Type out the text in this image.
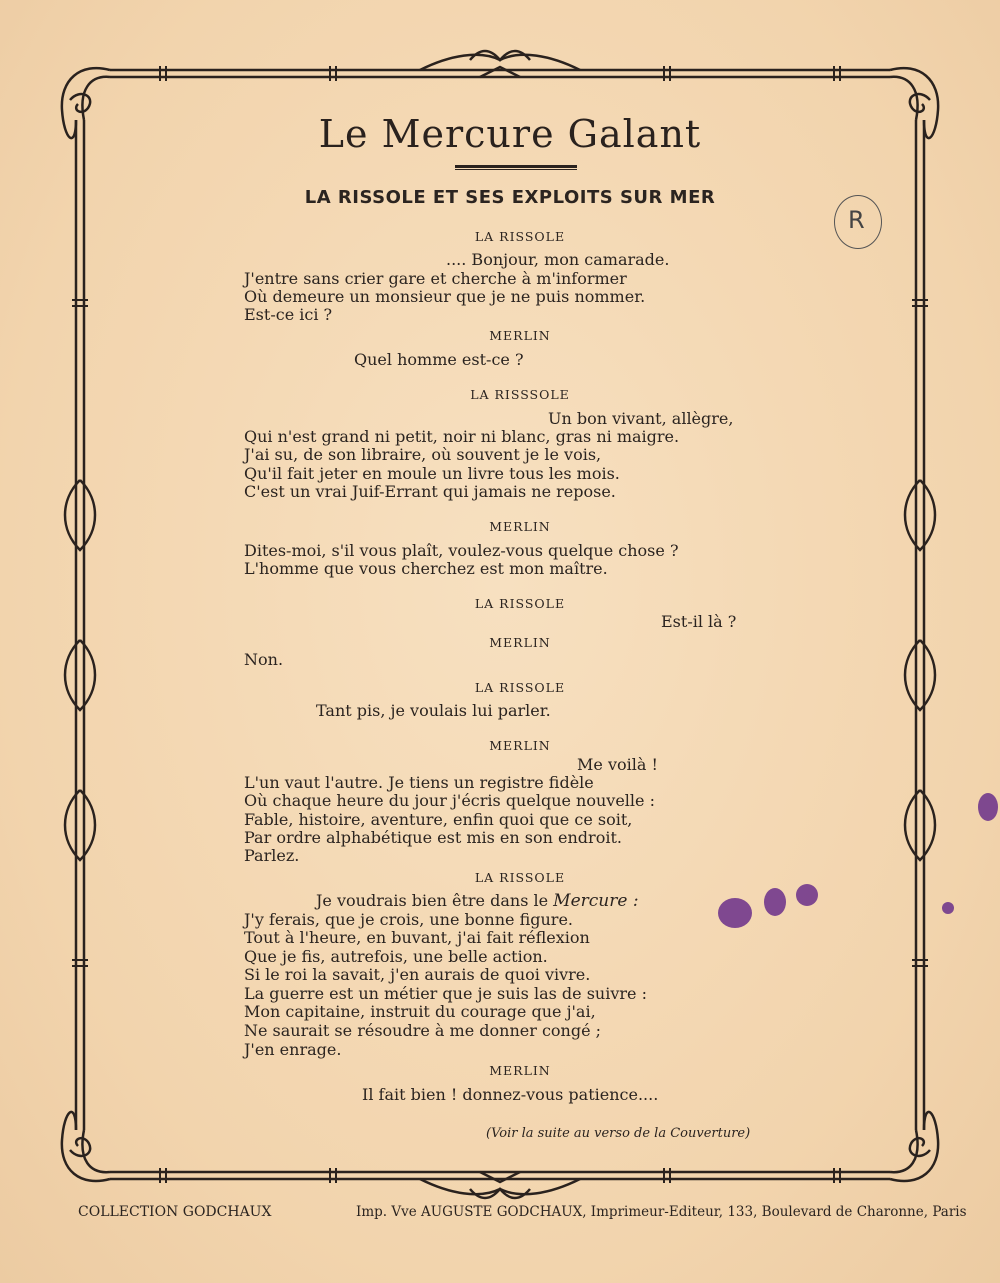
Le Mercure Galant
LA RISSOLE ET SES EXPLOITS SUR MER
R
LA RISSOLE
.... Bonjour, mon camarade.
J'entre sans crier gare et cherche à m'informer
Où demeure un monsieur que je ne puis nommer.
Est-ce ici ?
MERLIN
Quel homme est-ce ?
LA RISSSOLE
Un bon vivant, allègre,
Qui n'est grand ni petit, noir ni blanc, gras ni maigre.
J'ai su, de son libraire, où souvent je le vois,
Qu'il fait jeter en moule un livre tous les mois.
C'est un vrai Juif-Errant qui jamais ne repose.
MERLIN
Dites-moi, s'il vous plaît, voulez-vous quelque chose ?
L'homme que vous cherchez est mon maître.
LA RISSOLE
Est-il là ?
MERLIN
Non.
LA RISSOLE
Tant pis, je voulais lui parler.
MERLIN
Me voilà !
L'un vaut l'autre. Je tiens un registre fidèle
Où chaque heure du jour j'écris quelque nouvelle :
Fable, histoire, aventure, enfin quoi que ce soit,
Par ordre alphabétique est mis en son endroit.
Parlez.
LA RISSOLE
Je voudrais bien être dans le Mercure :
J'y ferais, que je crois, une bonne figure.
Tout à l'heure, en buvant, j'ai fait réflexion
Que je fis, autrefois, une belle action.
Si le roi la savait, j'en aurais de quoi vivre.
La guerre est un métier que je suis las de suivre :
Mon capitaine, instruit du courage que j'ai,
Ne saurait se résoudre à me donner congé ;
J'en enrage.
MERLIN
Il fait bien ! donnez-vous patience....
(Voir la suite au verso de la Couverture)
COLLECTION GODCHAUX	Imp. Vve AUGUSTE GODCHAUX, Imprimeur-Editeur, 133, Boulevard de Charonne, Paris
